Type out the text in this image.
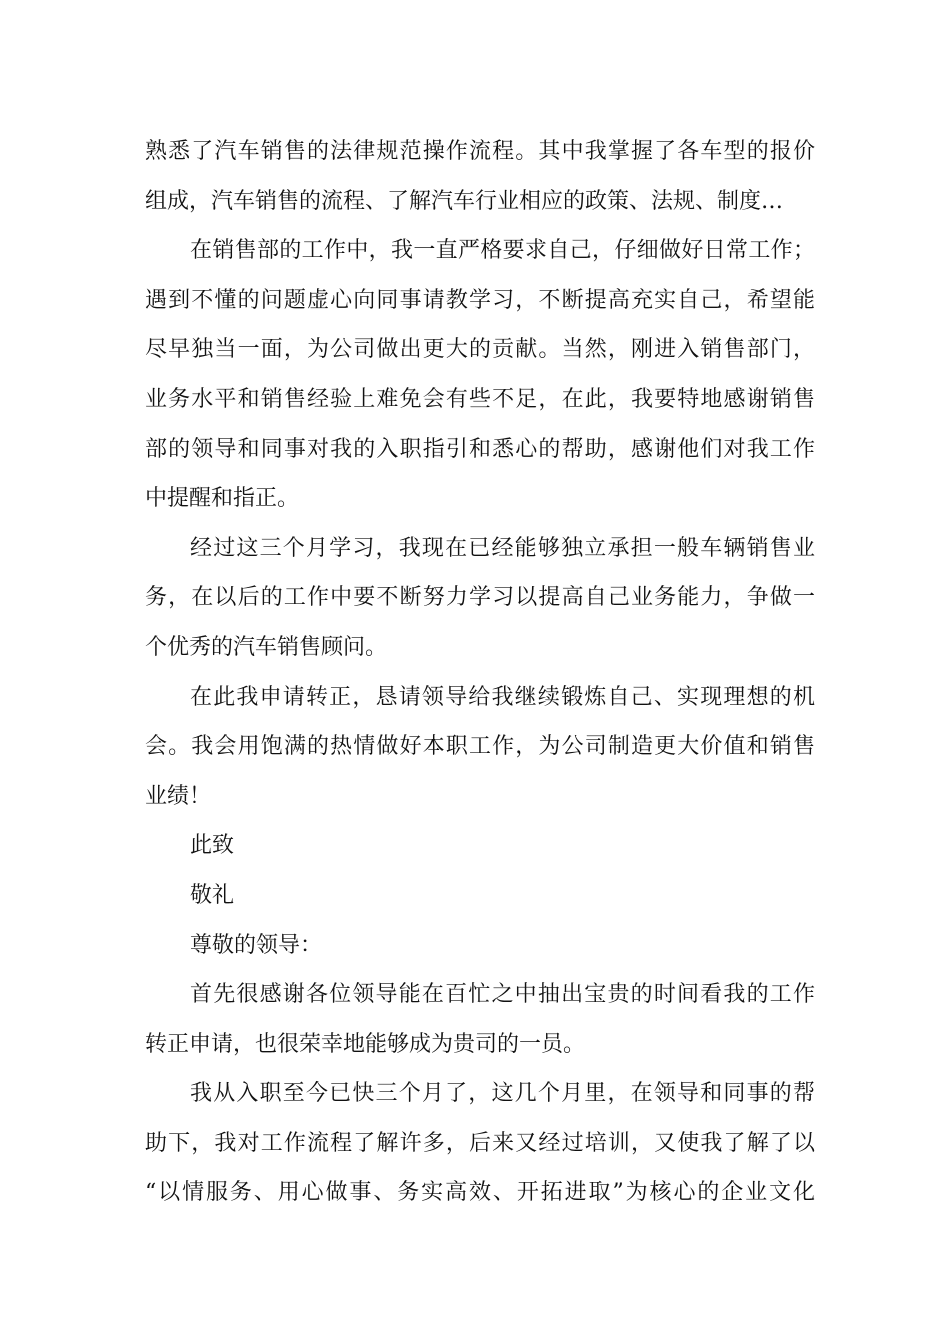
熟悉了汽车销售的法律规范操作流程。其中我掌握了各车型的报价
组成，汽车销售的流程、了解汽车行业相应的政策、法规、制度…
在销售部的工作中，我一直严格要求自己，仔细做好日常工作；
遇到不懂的问题虚心向同事请教学习，不断提高充实自己，希望能
尽早独当一面，为公司做出更大的贡献。当然，刚进入销售部门，
业务水平和销售经验上难免会有些不足，在此，我要特地感谢销售
部的领导和同事对我的入职指引和悉心的帮助，感谢他们对我工作
中提醒和指正。
经过这三个月学习，我现在已经能够独立承担一般车辆销售业
务，在以后的工作中要不断努力学习以提高自己业务能力，争做一
个优秀的汽车销售顾问。
在此我申请转正，恳请领导给我继续锻炼自己、实现理想的机
会。我会用饱满的热情做好本职工作，为公司制造更大价值和销售
业绩！
此致
敬礼
尊敬的领导：
首先很感谢各位领导能在百忙之中抽出宝贵的时间看我的工作
转正申请，也很荣幸地能够成为贵司的一员。
我从入职至今已快三个月了，这几个月里，在领导和同事的帮
助下，我对工作流程了解许多，后来又经过培训，又使我了解了以
“以情服务、用心做事、务实高效、开拓进取”为核心的企业文化
